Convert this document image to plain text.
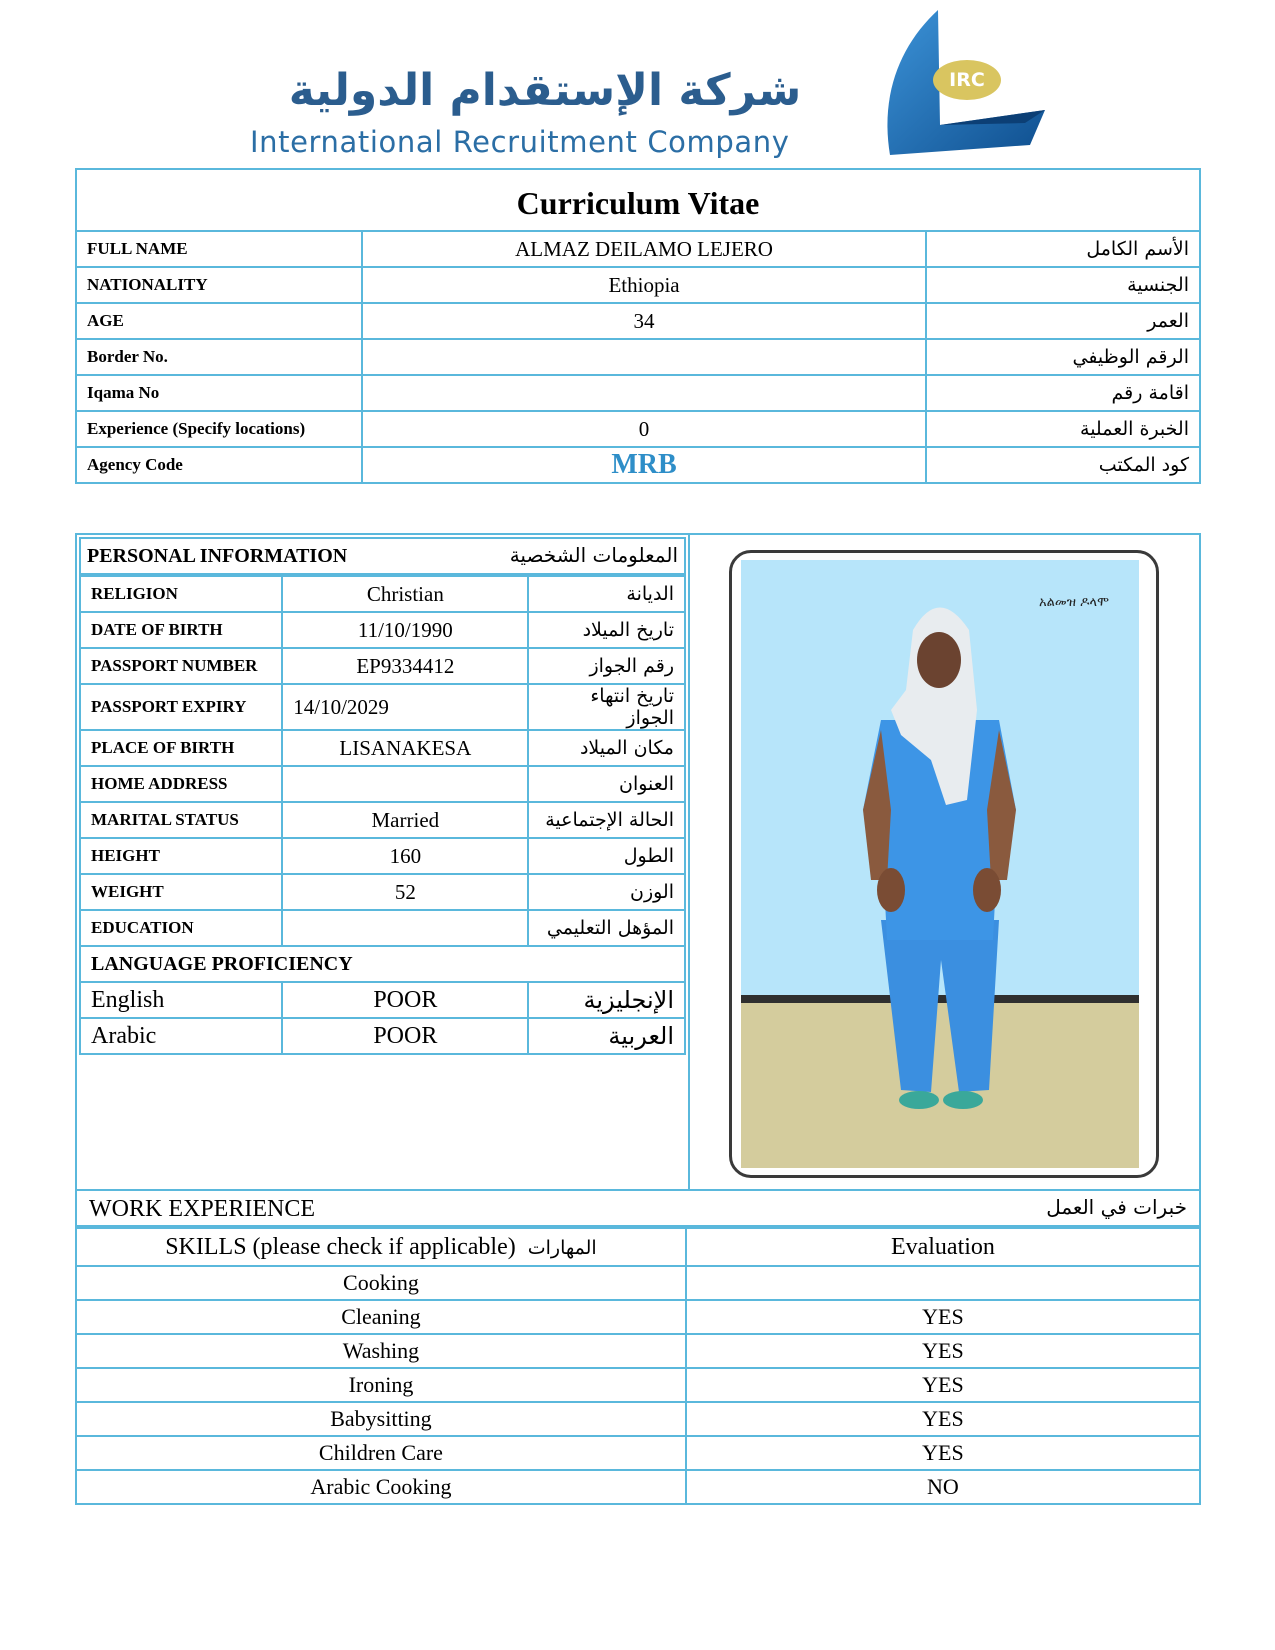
شركة الإستقدام الدولية
International Recruitment Company
IRC
Curriculum Vitae
FULL NAME	ALMAZ DEILAMO LEJERO	الأسم الكامل
NATIONALITY	Ethiopia	الجنسية
AGE	34	العمر
Border No.		الرقم الوظيفي
Iqama No		اقامة رقم
Experience (Specify locations)	0	الخبرة العملية
Agency Code	MRB	كود المكتب
PERSONAL INFORMATION	المعلومات الشخصية
RELIGION	Christian	الديانة
DATE OF BIRTH	11/10/1990	تاريخ الميلاد
PASSPORT NUMBER	EP9334412	رقم الجواز
PASSPORT EXPIRY	14/10/2029	تاريخ انتهاء الجواز
PLACE OF BIRTH	LISANAKESA	مكان الميلاد
HOME ADDRESS		العنوان
MARITAL STATUS	Married	الحالة الإجتماعية
HEIGHT	160	الطول
WEIGHT	52	الوزن
EDUCATION		المؤهل التعليمي
LANGUAGE PROFICIENCY		
English	POOR	الإنجليزية
Arabic	POOR	العربية
አልመዝ ዶላሞ
WORK EXPERIENCE	خبرات في العمل
SKILLS (please check if applicable) المهارات	Evaluation
Cooking	
Cleaning	YES
Washing	YES
Ironing	YES
Babysitting	YES
Children Care	YES
Arabic Cooking	NO
